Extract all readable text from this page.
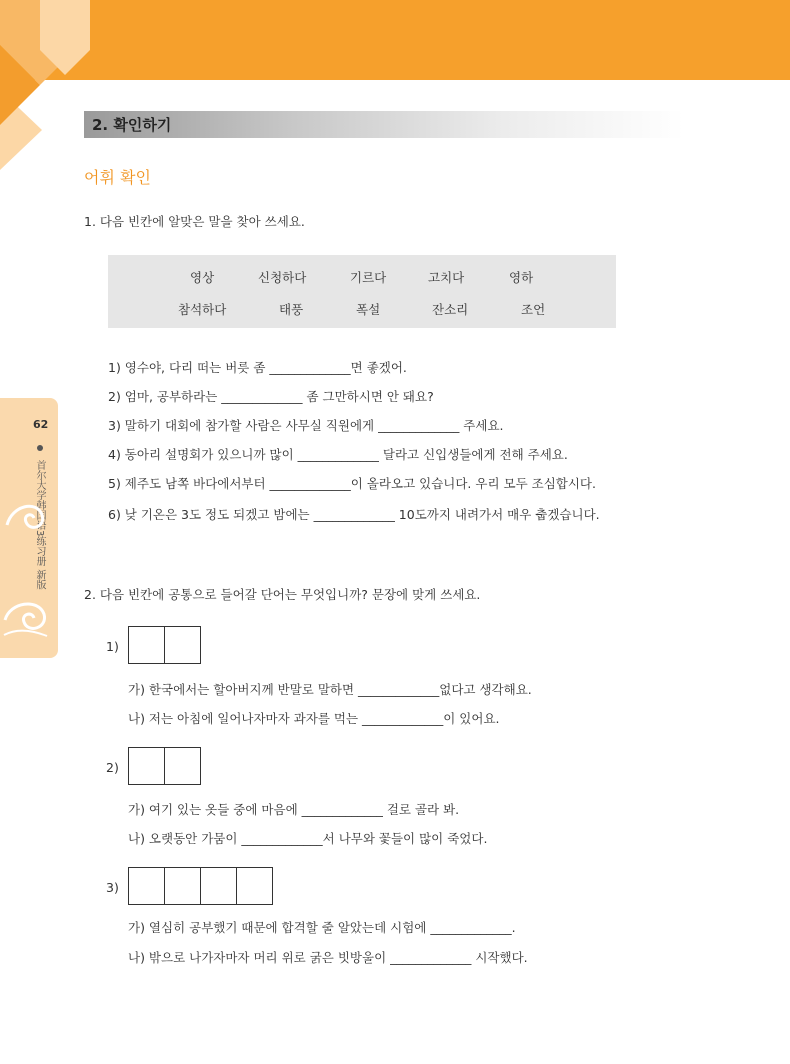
2. 확인하기
어휘 확인
1. 다음 빈칸에 알맞은 말을 찾아 쓰세요.
영상	신청하다	기르다	고치다	영하
참석하다	태풍	폭설	잔소리	조언
1) 영수야, 다리 떠는 버릇 좀 _____________면 좋겠어.
2) 엄마, 공부하라는 _____________ 좀 그만하시면 안 돼요?
3) 말하기 대회에 참가할 사람은 사무실 직원에게 _____________ 주세요.
4) 동아리 설명회가 있으니까 많이 _____________ 달라고 신입생들에게 전해 주세요.
5) 제주도 남쪽 바다에서부터 _____________이 올라오고 있습니다. 우리 모두 조심합시다.
6) 낮 기온은 3도 정도 되겠고 밤에는 _____________ 10도까지 내려가서 매우 춥겠습니다.
62
首尔大学韩国语3练习册 新版
2. 다음 빈칸에 공통으로 들어갈 단어는 무엇입니까? 문장에 맞게 쓰세요.
1)
가) 한국에서는 할아버지께 반말로 말하면 _____________없다고 생각해요.
나) 저는 아침에 일어나자마자 과자를 먹는 _____________이 있어요.
2)
가) 여기 있는 옷들 중에 마음에 _____________ 걸로 골라 봐.
나) 오랫동안 가뭄이 _____________서 나무와 꽃들이 많이 죽었다.
3)
가) 열심히 공부했기 때문에 합격할 줄 알았는데 시험에 _____________.
나) 밖으로 나가자마자 머리 위로 굵은 빗방울이 _____________ 시작했다.
